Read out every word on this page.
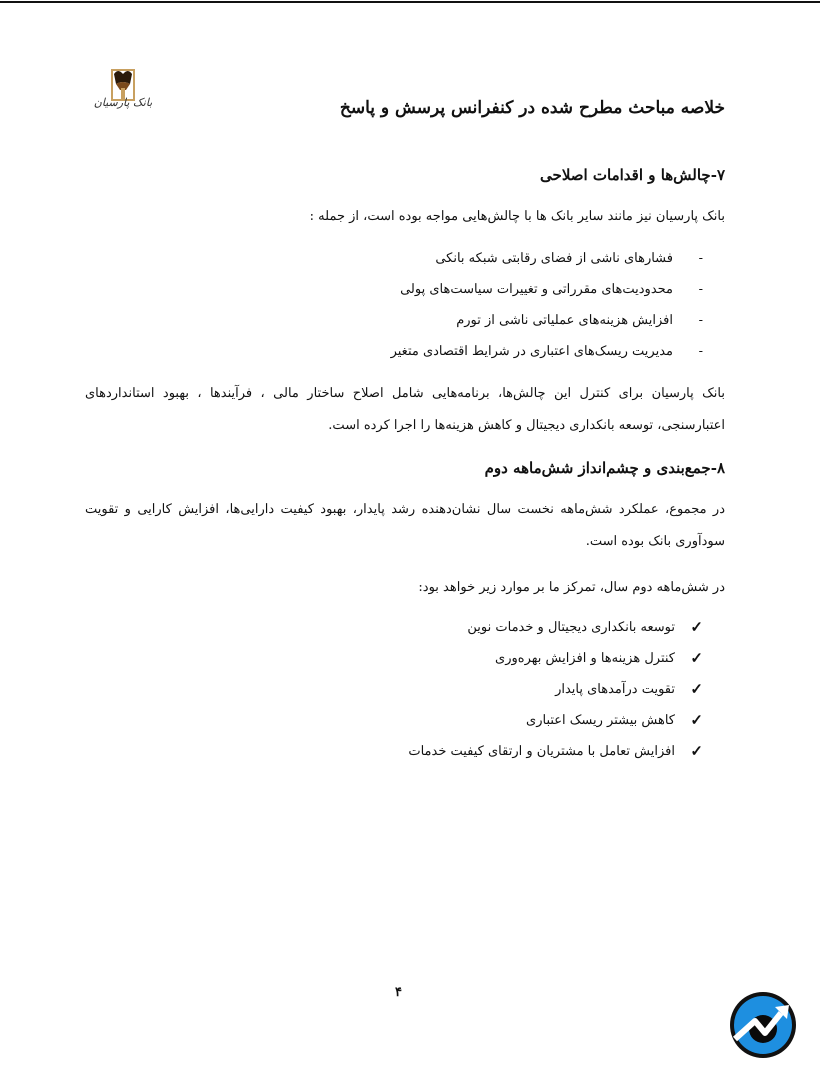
بانک پارسیان	خلاصه مباحث مطرح شده در کنفرانس پرسش و پاسخ
۷-چالش‌ها و اقدامات اصلاحی
بانک پارسیان نیز مانند سایر بانک ها با چالش‌هایی مواجه بوده است، از جمله :
-
فشارهای ناشی از فضای رقابتی شبکه بانکی
-
محدودیت‌های مقرراتی و تغییرات سیاست‌های پولی
-
افزایش هزینه‌های عملیاتی ناشی از تورم
-
مدیریت ریسک‌های اعتباری در شرایط اقتصادی متغیر
بانک پارسیان برای کنترل این چالش‌ها، برنامه‌هایی شامل اصلاح ساختار مالی ، فرآیندها ، بهبود استانداردهای اعتبارسنجی، توسعه بانکداری دیجیتال و کاهش هزینه‌ها را اجرا کرده است.
۸-جمع‌بندی و چشم‌انداز شش‌ماهه دوم
در مجموع، عملکرد شش‌ماهه نخست سال نشان‌دهنده رشد پایدار، بهبود کیفیت دارایی‌ها، افزایش کارایی و تقویت سودآوری بانک بوده است.
در شش‌ماهه دوم سال، تمرکز ما بر موارد زیر خواهد بود:
✓
توسعه بانکداری دیجیتال و خدمات نوین
✓
کنترل هزینه‌ها و افزایش بهره‌وری
✓
تقویت درآمدهای پایدار
✓
کاهش بیشتر ریسک اعتباری
✓
افزایش تعامل با مشتریان و ارتقای کیفیت خدمات
۴
